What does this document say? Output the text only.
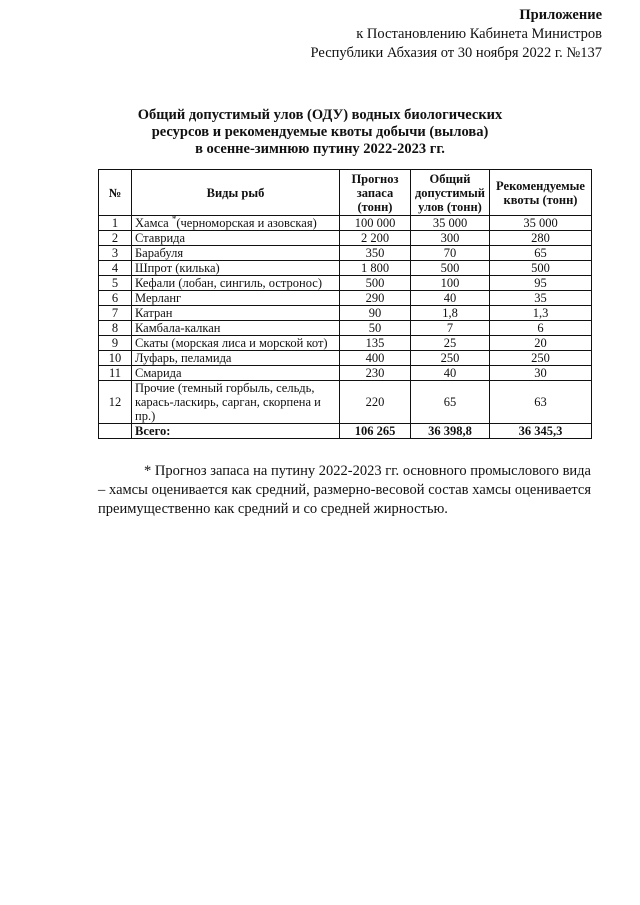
Приложение
к Постановлению Кабинета Министров
Республики Абхазия от 30 ноября 2022 г. №137
Общий допустимый улов (ОДУ) водных биологических
ресурсов и рекомендуемые квоты добычи (вылова)
в осенне-зимнюю путину 2022-2023 гг.
№	Виды рыб	Прогноз запаса (тонн)	Общий допустимый улов (тонн)	Рекомендуемые квоты (тонн)
1	Хамса *(черноморская и азовская)	100 000	35 000	35 000
2	Ставрида	2 200	300	280
3	Барабуля	350	70	65
4	Шпрот (килька)	1 800	500	500
5	Кефали (лобан, сингиль, остронос)	500	100	95
6	Мерланг	290	40	35
7	Катран	90	1,8	1,3
8	Камбала-калкан	50	7	6
9	Скаты (морская лиса и морской кот)	135	25	20
10	Луфарь, пеламида	400	250	250
11	Смарида	230	40	30
12	Прочие (темный горбыль, сельдь, карась-ласкирь, сарган, скорпена и пр.)	220	65	63
	Всего:	106 265	36 398,8	36 345,3
* Прогноз запаса на путину 2022-2023 гг. основного промыслового вида – хамсы оценивается как средний, размерно-весовой состав хамсы оценивается преимущественно как средний и со средней жирностью.
